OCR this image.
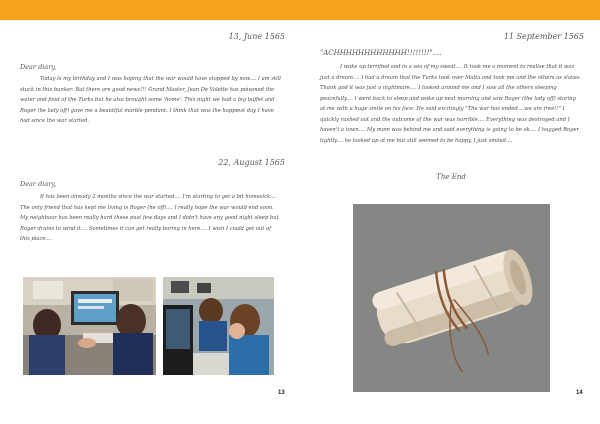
13, June 1565
Dear diary,
Today is my birthday and I was hoping that the war would have stopped by now.... I am still stuck in this bunker. But there are good news!!! Grand Master, Jean De Valette has poisoned the water and food of the Turks but he also brought some 'home'. This night we had a big buffet and Roger (he lady off) gave me a beautiful marble pendant. I think that was the happiest day I have had since the war started.
22, August 1565
Dear diary,
It has been already 2 months since the war started.... I'm starting to get a bit homesick.... The only friend that has kept me living is Roger (he off).... I really hope the war would end soon. My neighbour has been really hard these past few days and I didn't have any good night sleep but Roger drains to wind it.... Sometimes it can get really boring in here.... I wish I could get out of this place....
13
11 September 1565
"ACHHHHHHHHHHHH!!!!!!!!"....
I woke up terrified and in a sea of my sweat.... It took me a moment to realise that it was just a dream.... I had a dream that the Turks took over Malta and took me and the others as slaves. Thank god it was just a nightmare.... I looked around me and I saw all the others sleeping peacefully.... I went back to sleep and woke up next morning and saw Roger (the lady off) staring at me with a huge smile on his face. He said excitingly "The war has ended....we are free!!" I quickly rushed out and the outcome of the war was horrible.... Everything was destroyed and I haven't a town.... My mom was behind me and said everything is going to be ok.... I hugged Roger tightly.... he looked up at me but still seemed to be happy, I just smiled....
The End
14
